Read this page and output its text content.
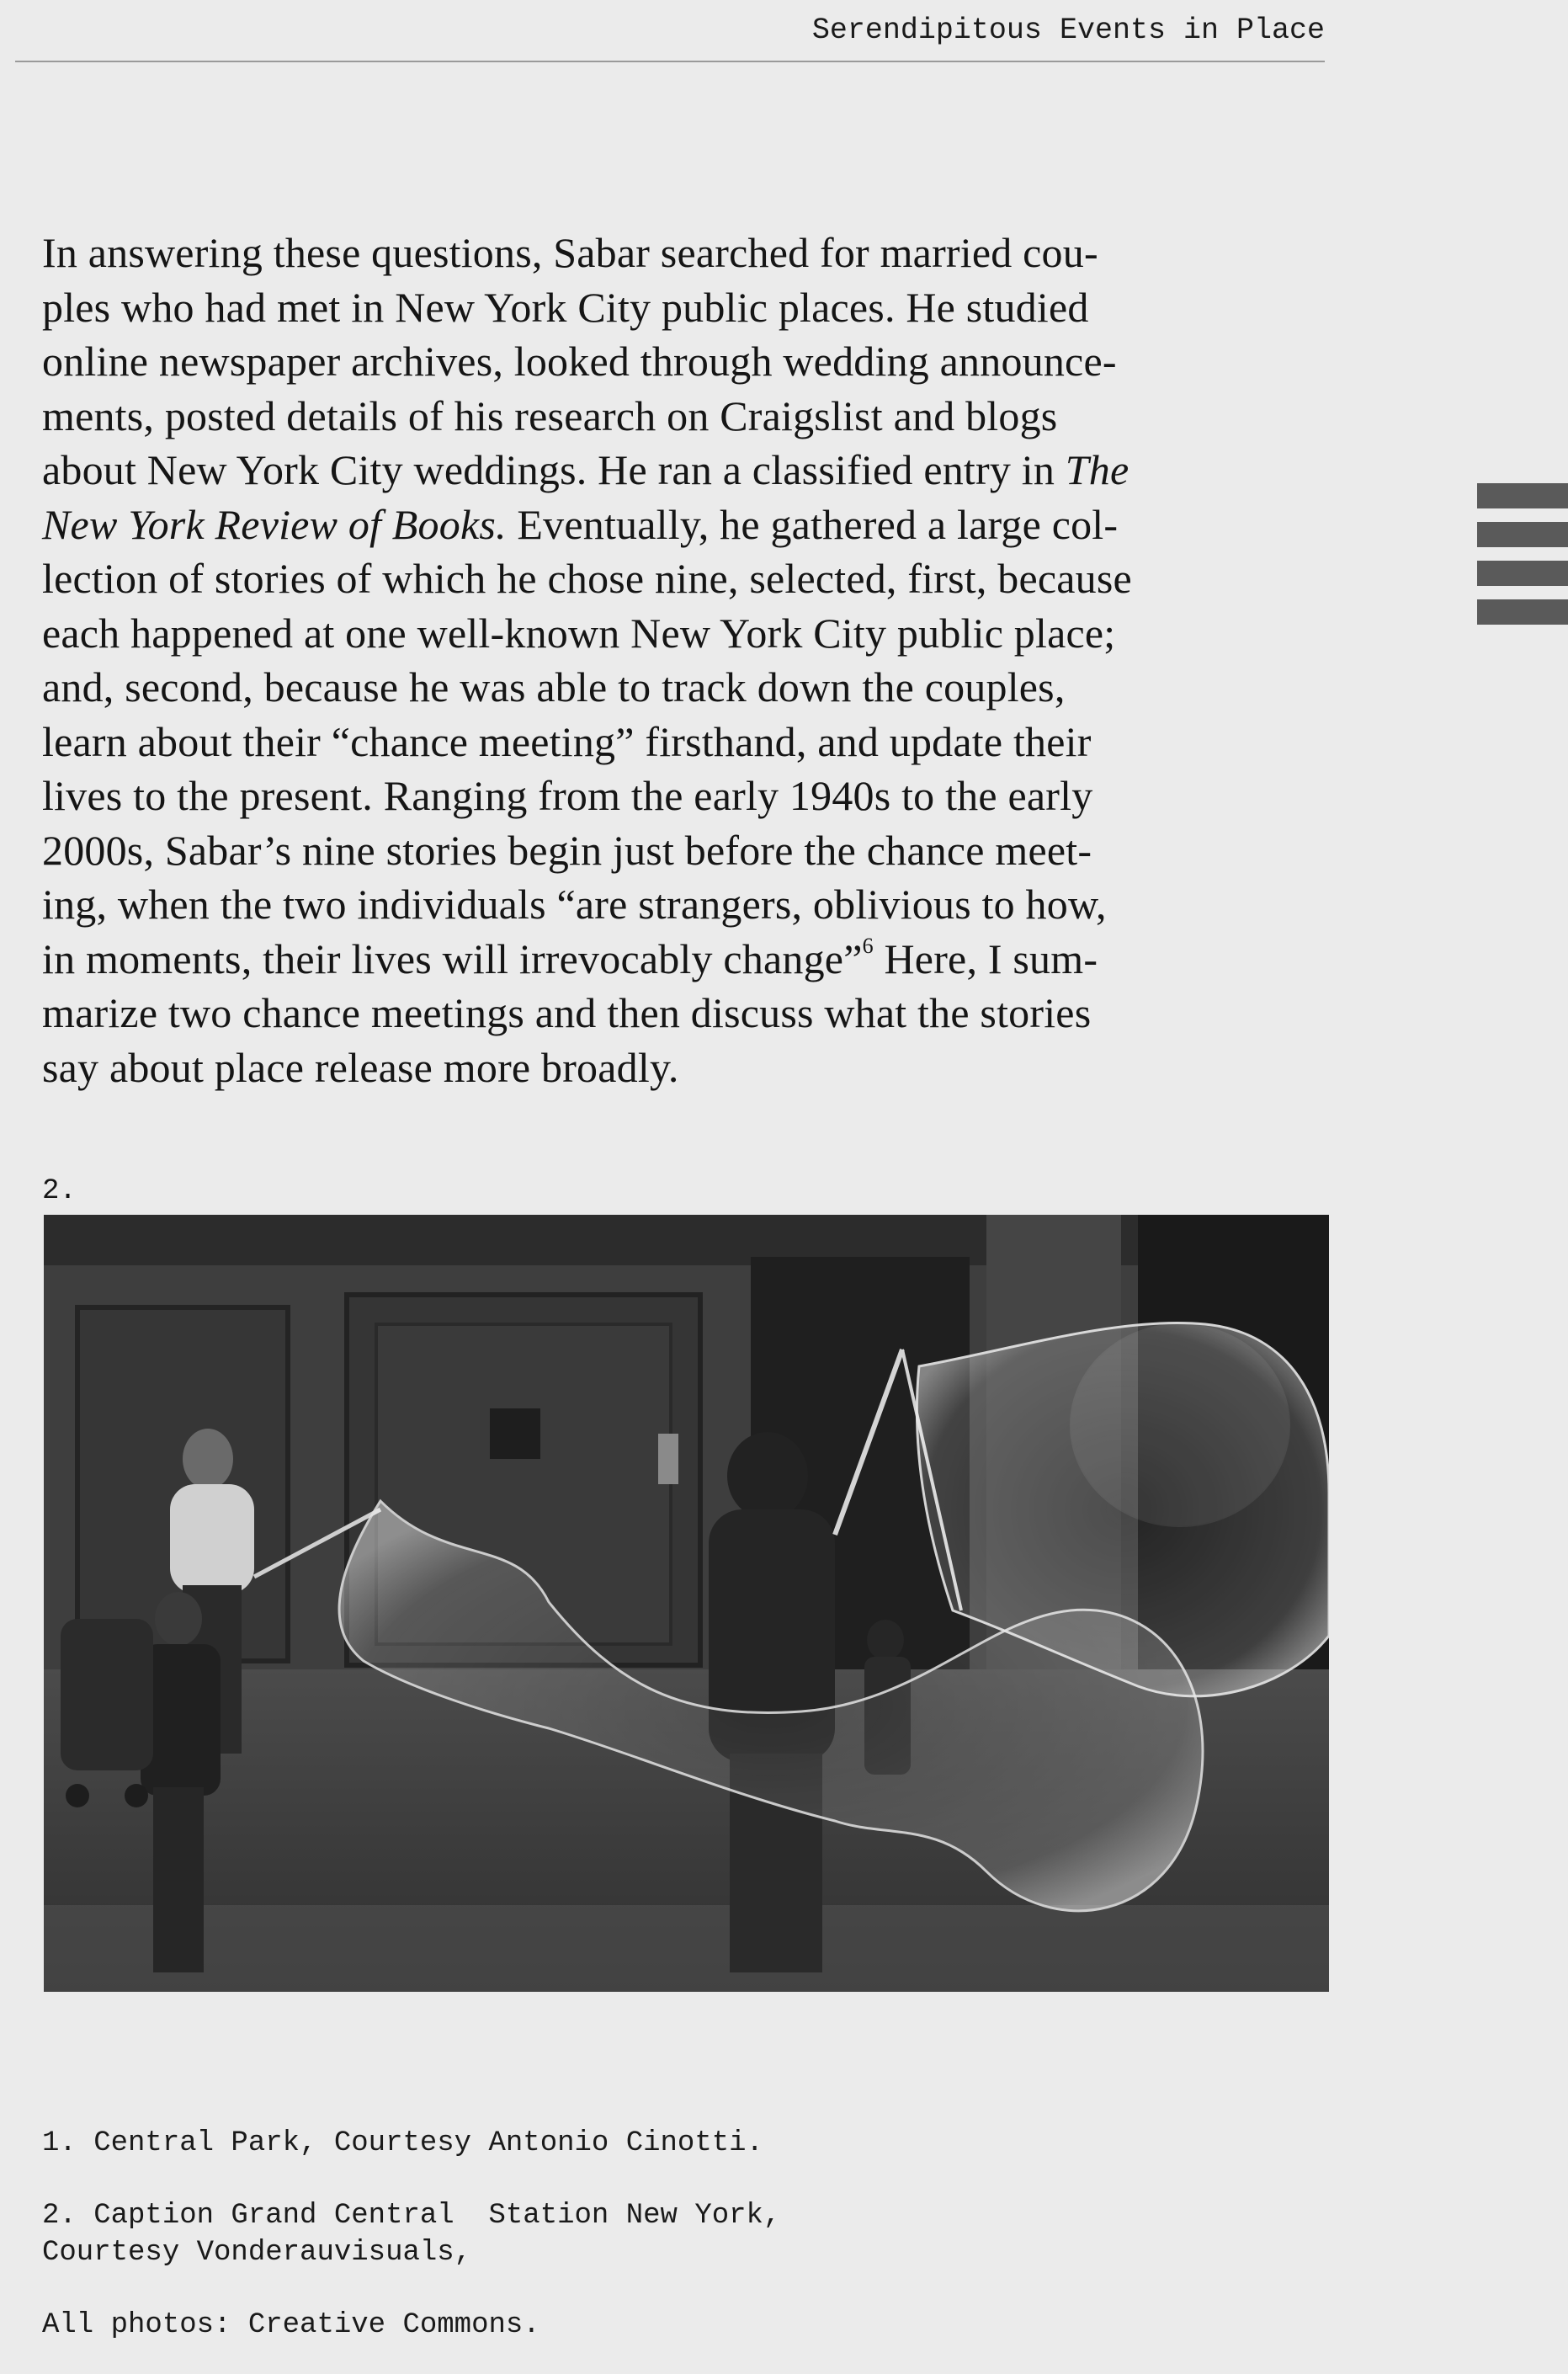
Serendipitous Events in Place

In answering these questions, Sabar searched for married cou-
ples who had met in New York City public places. He studied
online newspaper archives, looked through wedding announce-
ments, posted details of his research on Craigslist and blogs
about New York City weddings. He ran a classified entry in The
New York Review of Books. Eventually, he gathered a large col-
lection of stories of which he chose nine, selected, first, because
each happened at one well-known New York City public place;
and, second, because he was able to track down the couples,
learn about their “chance meeting” firsthand, and update their
lives to the present. Ranging from the early 1940s to the early
2000s, Sabar’s nine stories begin just before the chance meet-
ing, when the two individuals “are strangers, oblivious to how,
in moments, their lives will irrevocably change”$^6$ Here, I sum-
marize two chance meetings and then discuss what the stories
say about place release more broadly.

2.

1. Central Park, Courtesy Antonio Cinotti.

2. Caption Grand Central  Station New York,
Courtesy Vonderauvisuals,

All photos: Creative Commons.
